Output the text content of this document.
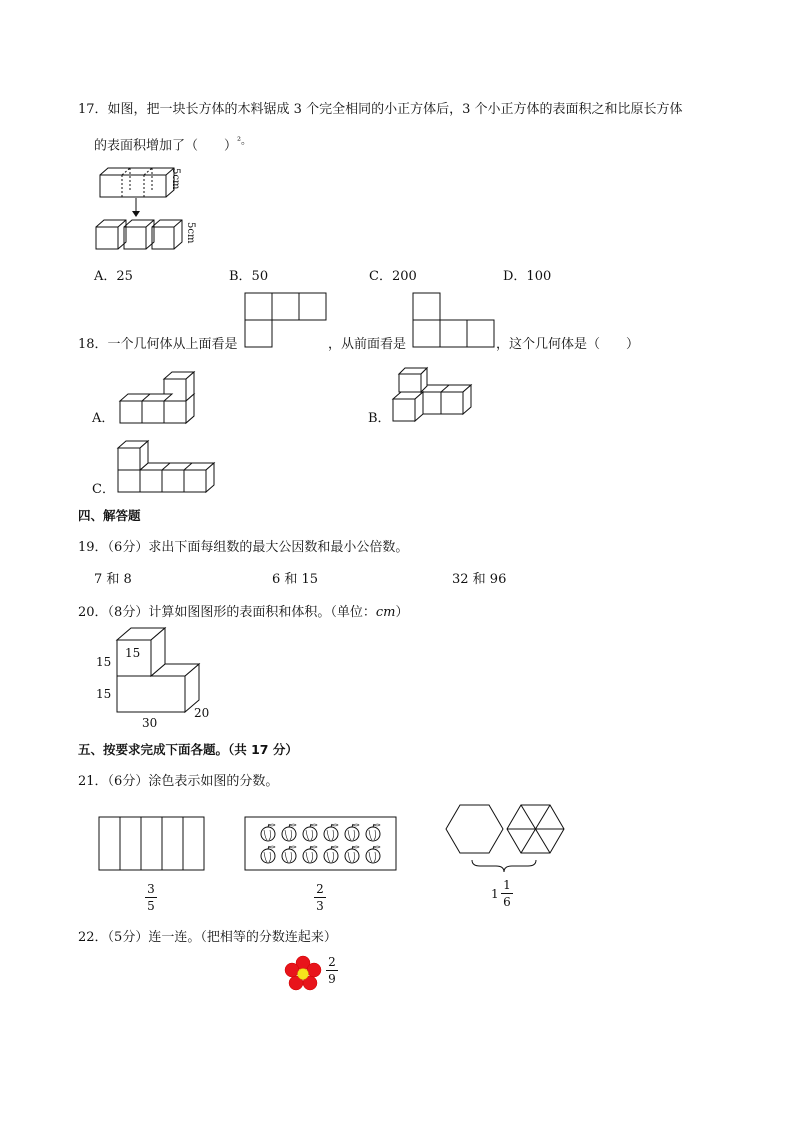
17．如图，把一块长方体的木料锯成 3 个完全相同的小正方体后，3 个小正方体的表面积之和比原长方体
的表面积增加了（　　）$^{^2。}$
5cm
5cm
A．25	B．50	C．200	D．100
18．一个几何体从上面看是	，从前面看是	，这个几何体是（　　）
A．	B．
C．
四、解答题
19．（6分）求出下面每组数的最大公因数和最小公倍数。
7 和 8	6 和 15	32 和 96
20．（8分）计算如图图形的表面积和体积。（单位：cm）
15
15
15
30
20
五、按要求完成下面各题。（共 17 分）
21．（6分）涂色表示如图的分数。
3
5
2
3
1
1
6
22．（5分）连一连。（把相等的分数连起来）
2
9
